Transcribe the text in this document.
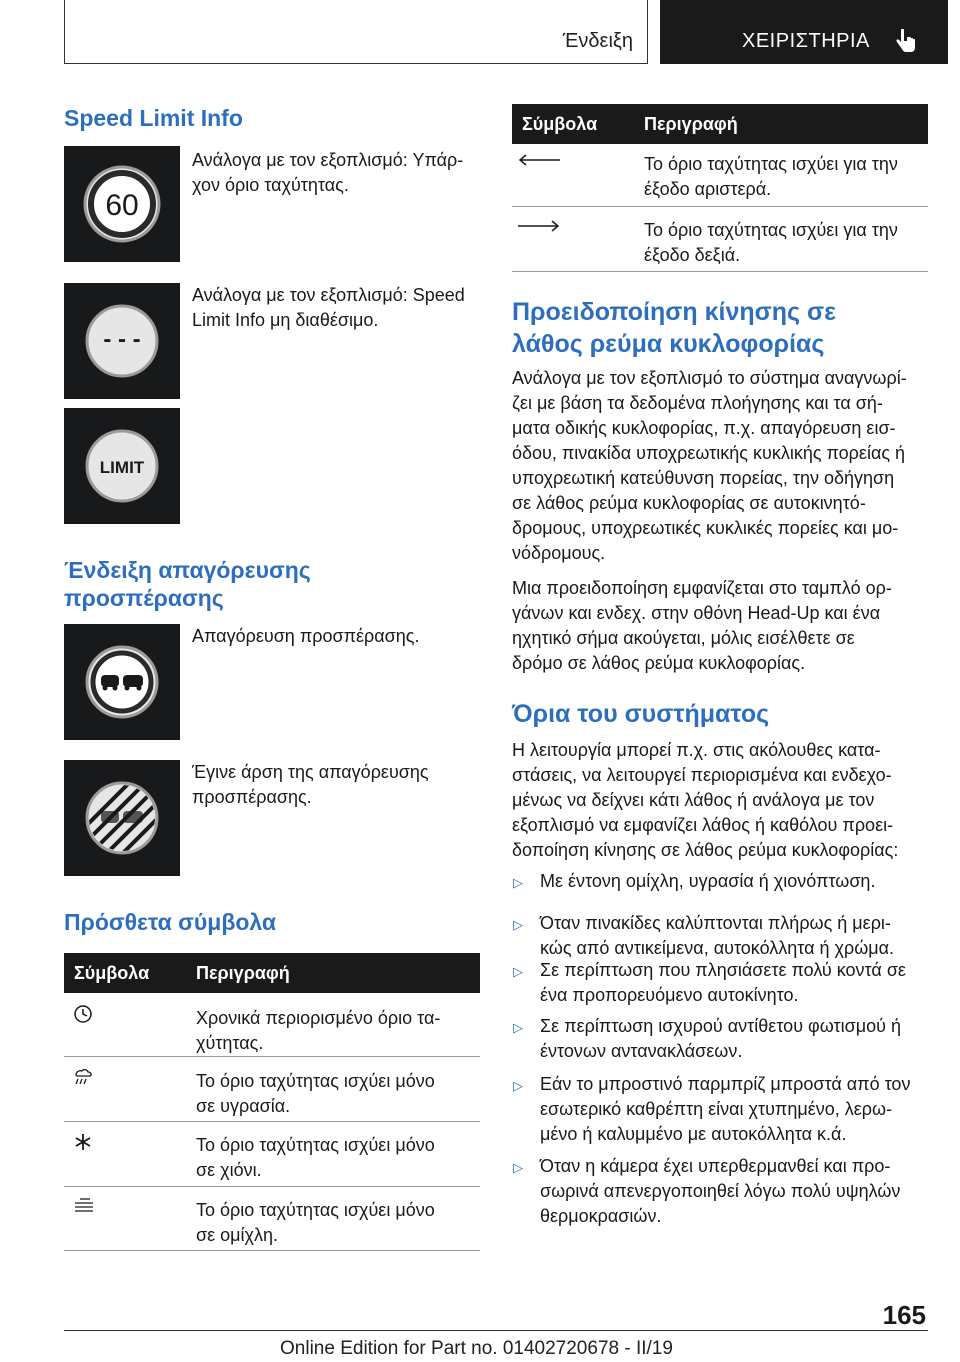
Ένδειξη	ΧΕΙΡΙΣΤΗΡΙΑ
Speed Limit Info
60
Ανάλογα με τον εξοπλισμό: Υπάρ-
χον όριο ταχύτητας.
- - -
Ανάλογα με τον εξοπλισμό: Speed
Limit Info μη διαθέσιμο.
LIMIT
Ένδειξη απαγόρευσης
προσπέρασης
Απαγόρευση προσπέρασης.
Έγινε άρση της απαγόρευσης
προσπέρασης.
Πρόσθετα σύμβολα
Σύμβολα	Περιγραφή
Χρονικά περιορισμένο όριο τα-
χύτητας.
Το όριο ταχύτητας ισχύει μόνο
σε υγρασία.
Το όριο ταχύτητας ισχύει μόνο
σε χιόνι.
Το όριο ταχύτητας ισχύει μόνο
σε ομίχλη.
Σύμβολα	Περιγραφή
Το όριο ταχύτητας ισχύει για την
έξοδο αριστερά.
Το όριο ταχύτητας ισχύει για την
έξοδο δεξιά.
Προειδοποίηση κίνησης σε
λάθος ρεύμα κυκλοφορίας
Ανάλογα με τον εξοπλισμό το σύστημα αναγνωρί-
ζει με βάση τα δεδομένα πλοήγησης και τα σή-
ματα οδικής κυκλοφορίας, π.χ. απαγόρευση εισ-
όδου, πινακίδα υποχρεωτικής κυκλικής πορείας ή
υποχρεωτική κατεύθυνση πορείας, την οδήγηση
σε λάθος ρεύμα κυκλοφορίας σε αυτοκινητό-
δρομους, υποχρεωτικές κυκλικές πορείες και μο-
νόδρομους.
Μια προειδοποίηση εμφανίζεται στο ταμπλό ορ-
γάνων και ενδεχ. στην οθόνη Head-Up και ένα
ηχητικό σήμα ακούγεται, μόλις εισέλθετε σε
δρόμο σε λάθος ρεύμα κυκλοφορίας.
Όρια του συστήματος
Η λειτουργία μπορεί π.χ. στις ακόλουθες κατα-
στάσεις, να λειτουργεί περιορισμένα και ενδεχο-
μένως να δείχνει κάτι λάθος ή ανάλογα με τον
εξοπλισμό να εμφανίζει λάθος ή καθόλου προει-
δοποίηση κίνησης σε λάθος ρεύμα κυκλοφορίας:
▷ Με έντονη ομίχλη, υγρασία ή χιονόπτωση.
▷ Όταν πινακίδες καλύπτονται πλήρως ή μερι-
κώς από αντικείμενα, αυτοκόλλητα ή χρώμα.
▷ Σε περίπτωση που πλησιάσετε πολύ κοντά σε
ένα προπορευόμενο αυτοκίνητο.
▷ Σε περίπτωση ισχυρού αντίθετου φωτισμού ή
έντονων αντανακλάσεων.
▷ Εάν το μπροστινό παρμπρίζ μπροστά από τον
εσωτερικό καθρέπτη είναι χτυπημένο, λερω-
μένο ή καλυμμένο με αυτοκόλλητα κ.ά.
▷ Όταν η κάμερα έχει υπερθερμανθεί και προ-
σωρινά απενεργοποιηθεί λόγω πολύ υψηλών
θερμοκρασιών.
165
Online Edition for Part no. 01402720678 - II/19
